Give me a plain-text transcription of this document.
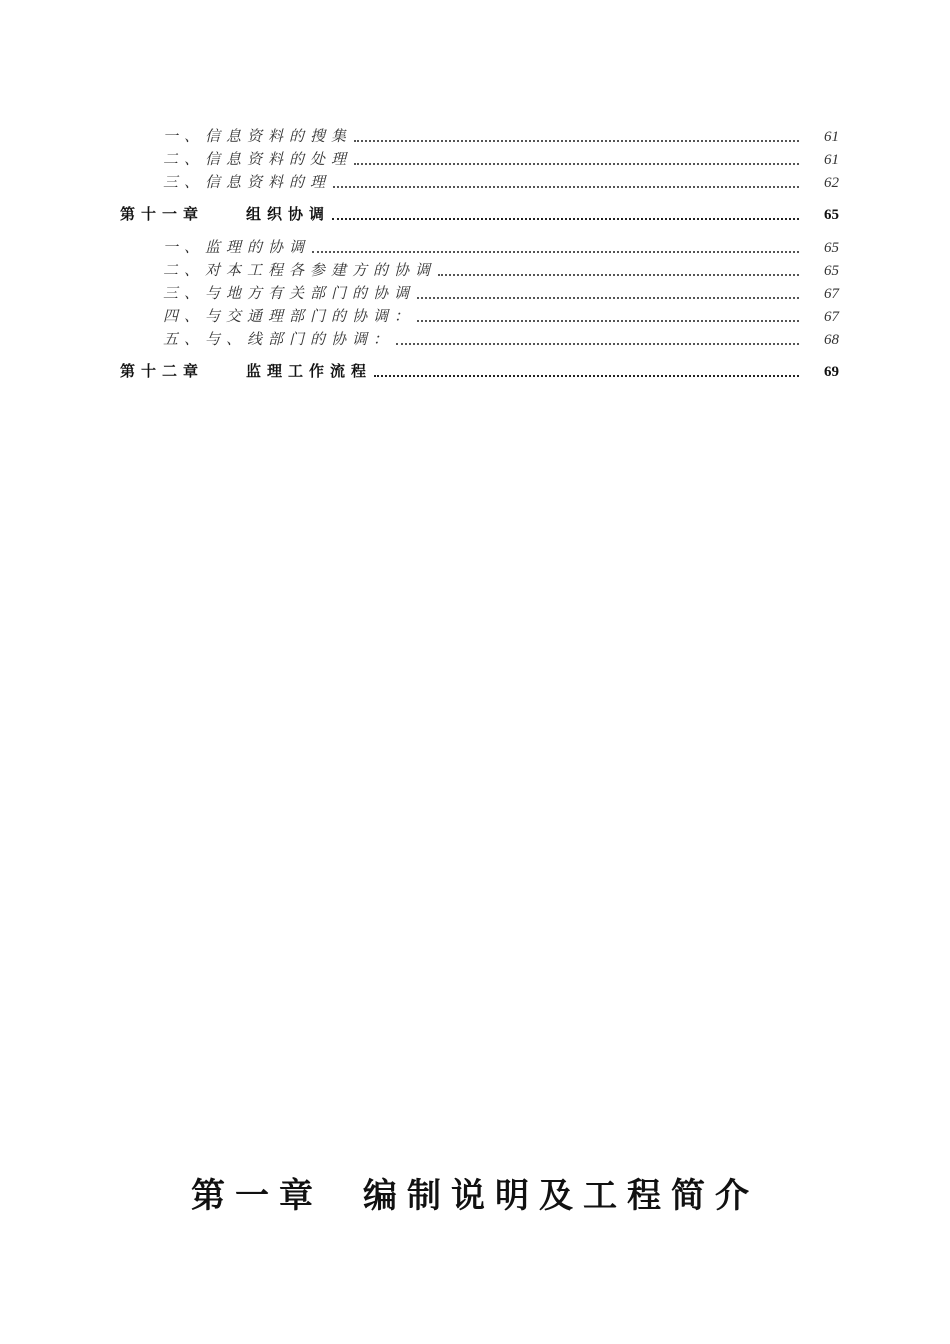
一、信息资料的搜集	61
二、信息资料的处理	61
三、信息资料的理	62
第十一章	组织协调	65
一、监理的协调	65
二、对本工程各参建方的协调	65
三、与地方有关部门的协调	67
四、与交通理部门的协调：	67
五、与、线部门的协调：	68
第十二章	监理工作流程	69
第一章 编制说明及工程简介
